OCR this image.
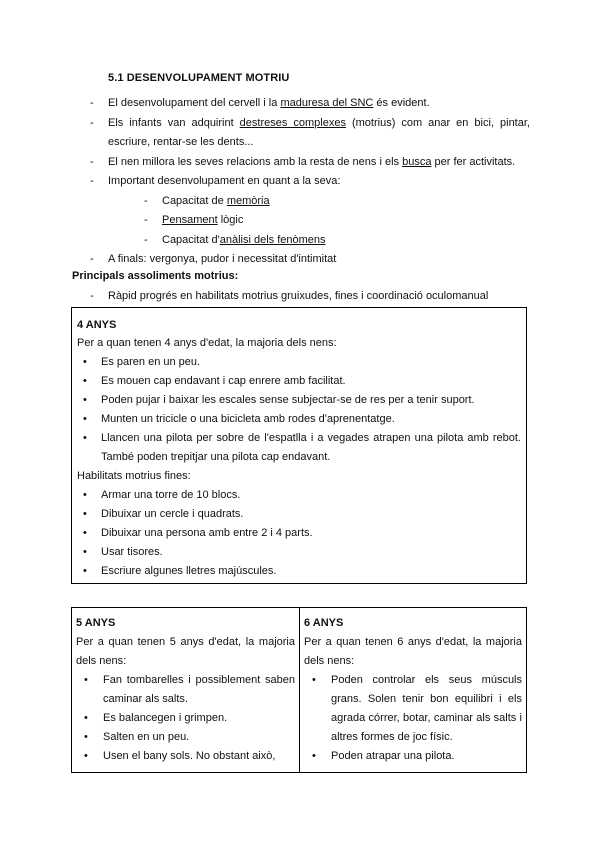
5.1 DESENVOLUPAMENT MOTRIU
- El desenvolupament del cervell i la maduresa del SNC és evident.
- Els infants van adquirint destreses complexes (motrius) com anar en bici, pintar, escriure, rentar-se les dents...
- El nen millora les seves relacions amb la resta de nens i els busca per fer activitats.
- Important desenvolupament en quant a la seva:
- Capacitat de memòria
- Pensament lògic
- Capacitat d'anàlisi dels fenòmens
- A finals: vergonya, pudor i necessitat d'intimitat
Principals assoliments motrius:
- Ràpid progrés en habilitats motrius gruixudes, fines i coordinació oculomanual
4 ANYS
Per a quan tenen 4 anys d'edat, la majoria dels nens:
• Es paren en un peu.
• Es mouen cap endavant i cap enrere amb facilitat.
• Poden pujar i baixar les escales sense subjectar-se de res per a tenir suport.
• Munten un tricicle o una bicicleta amb rodes d'aprenentatge.
• Llancen una pilota per sobre de l'espatlla i a vegades atrapen una pilota amb rebot. També poden trepitjar una pilota cap endavant.
Habilitats motrius fines:
• Armar una torre de 10 blocs.
• Dibuixar un cercle i quadrats.
• Dibuixar una persona amb entre 2 i 4 parts.
• Usar tisores.
• Escriure algunes lletres majúscules.
5 ANYS
Per a quan tenen 5 anys d'edat, la majoria dels nens:
• Fan tombarelles i possiblement saben caminar als salts.
• Es balancegen i grimpen.
• Salten en un peu.
• Usen el bany sols. No obstant això,
6 ANYS
Per a quan tenen 6 anys d'edat, la majoria dels nens:
• Poden controlar els seus músculs grans. Solen tenir bon equilibri i els agrada córrer, botar, caminar als salts i altres formes de joc físic.
• Poden atrapar una pilota.
